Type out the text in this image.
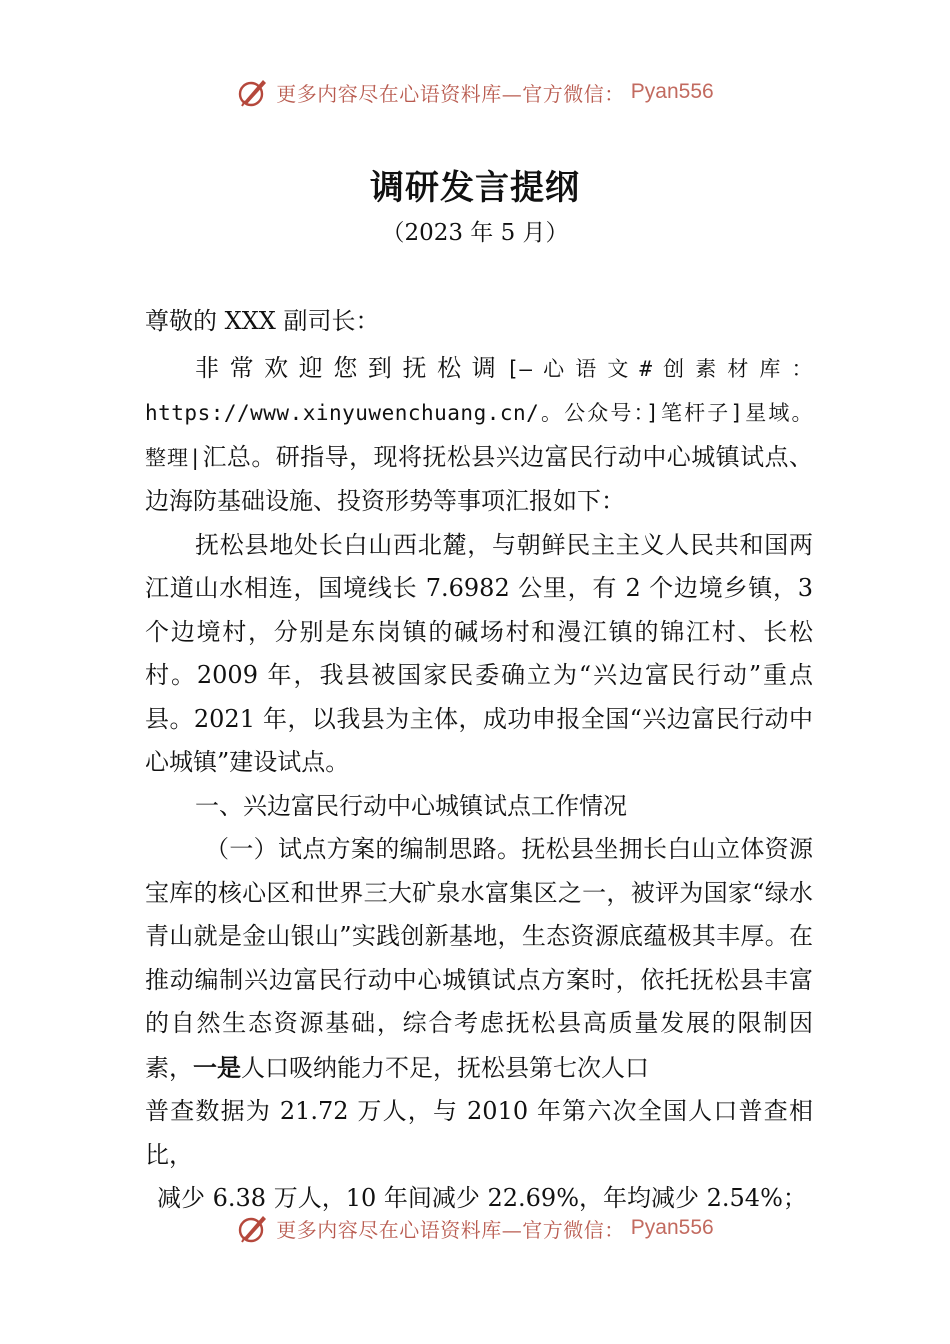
更多内容尽在心语资料库—官方微信： Pyan556
调研发言提纲
（2023 年 5 月）

尊敬的 XXX 副司长：

非常欢迎您到抚松调[—心语文#创素材库：https://www.xinyuwenchuang.cn/。公众号：]笔杆子]星域。整理|汇总。研指导，现将抚松县兴边富民行动中心城镇试点、边海防基础设施、投资形势等事项汇报如下：

抚松县地处长白山西北麓，与朝鲜民主主义人民共和国两江道山水相连，国境线长 7.6982 公里，有 2 个边境乡镇，3 个边境村，分别是东岗镇的碱场村和漫江镇的锦江村、长松村。2009 年，我县被国家民委确立为“兴边富民行动”重点县。2021 年，以我县为主体，成功申报全国“兴边富民行动中心城镇”建设试点。

一、兴边富民行动中心城镇试点工作情况

（一）试点方案的编制思路。抚松县坐拥长白山立体资源宝库的核心区和世界三大矿泉水富集区之一，被评为国家“绿水青山就是金山银山”实践创新基地，生态资源底蕴极其丰厚。在推动编制兴边富民行动中心城镇试点方案时，依托抚松县丰富的自然生态资源基础，综合考虑抚松县高质量发展的限制因素，一是人口吸纳能力不足，抚松县第七次人口

普查数据为 21.72 万人，与 2010 年第六次全国人口普查相比，

减少 6.38 万人，10 年间减少 22.69%，年均减少 2.54%；

更多内容尽在心语资料库—官方微信： Pyan556
